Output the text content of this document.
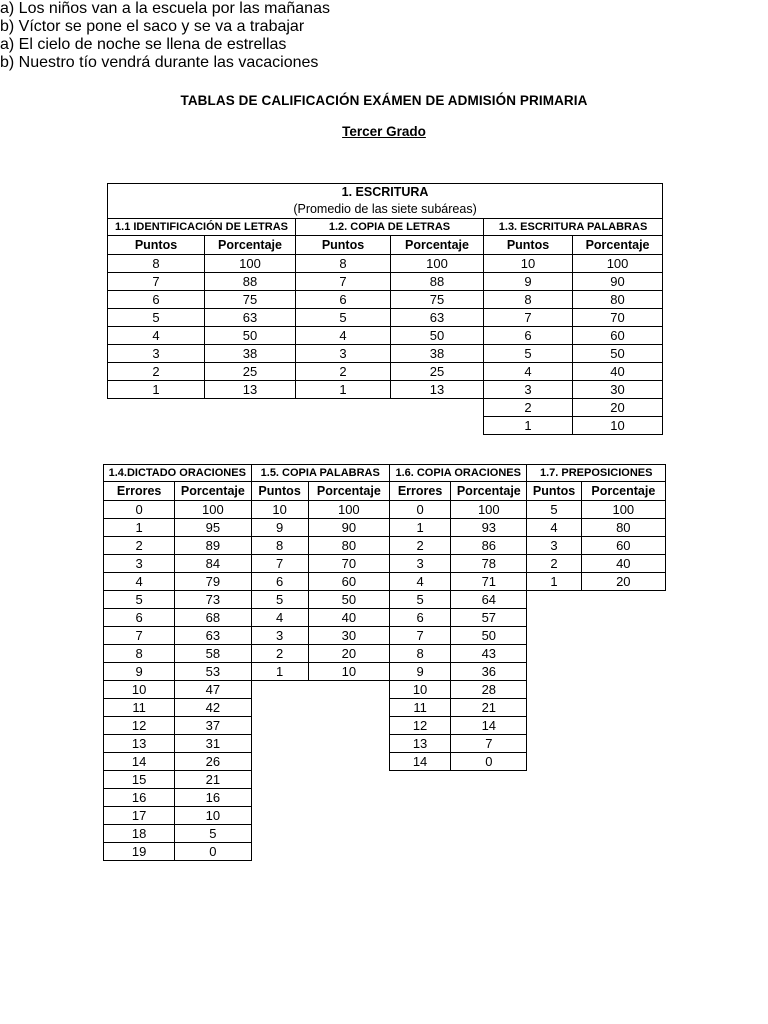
TABLAS DE CALIFICACIÓN EXÁMEN DE ADMISIÓN PRIMARIA
Tercer Grado
1. ESCRITURA					
(Promedio de las siete subáreas)					
1.1 IDENTIFICACIÓN DE LETRAS		1.2. COPIA DE LETRAS		1.3. ESCRITURA PALABRAS	
Puntos	Porcentaje	Puntos	Porcentaje	Puntos	Porcentaje
8	100	8	100	10	100
7	88	7	88	9	90
6	75	6	75	8	80
5	63	5	63	7	70
4	50	4	50	6	60
3	38	3	38	5	50
2	25	2	25	4	40
1	13	1	13	3	30
				2	20
				1	10
1.4.DICTADO ORACIONES		1.5. COPIA PALABRAS		1.6. COPIA ORACIONES		1.7. PREPOSICIONES	
Errores	Porcentaje	Puntos	Porcentaje	Errores	Porcentaje	Puntos	Porcentaje
0	100	10	100	0	100	5	100
1	95	9	90	1	93	4	80
2	89	8	80	2	86	3	60
3	84	7	70	3	78	2	40
4	79	6	60	4	71	1	20
5	73	5	50	5	64		
6	68	4	40	6	57		
7	63	3	30	7	50		
8	58	2	20	8	43		
9	53	1	10	9	36		
10	47			10	28		
11	42			11	21		
12	37			12	14		
13	31			13	7		
14	26			14	0		
15	21						
16	16						
17	10						
18	5						
19	0						
a) Los niños van a la escuela por las mañanas
b) Víctor se pone el saco y se va a trabajar
a) El cielo de noche se llena de estrellas
b) Nuestro tío vendrá durante las vacaciones
